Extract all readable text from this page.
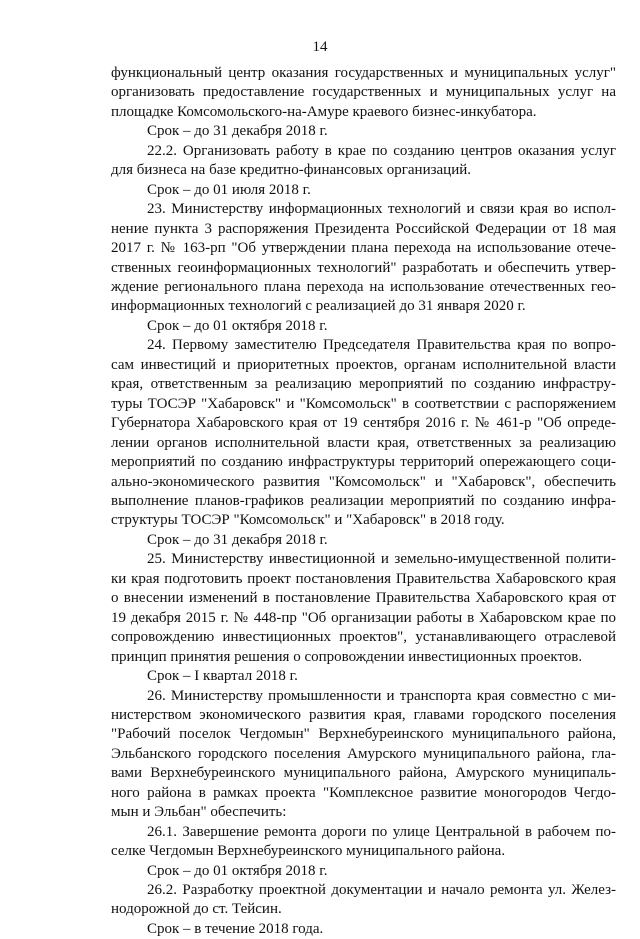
14
функциональный центр оказания государственных и муниципальных услуг"
организовать предоставление государственных и муниципальных услуг на
площадке Комсомольского-на-Амуре краевого бизнес-инкубатора.
Срок – до 31 декабря 2018 г.
22.2. Организовать работу в крае по созданию центров оказания услуг
для бизнеса на базе кредитно-финансовых организаций.
Срок – до 01 июля 2018 г.
23. Министерству информационных технологий и связи края во испол-
нение пункта 3 распоряжения Президента Российской Федерации от 18 мая
2017 г. № 163-рп "Об утверждении плана перехода на использование отече-
ственных геоинформационных технологий" разработать и обеспечить утвер-
ждение регионального плана перехода на использование отечественных гео-
информационных технологий с реализацией до 31 января 2020 г.
Срок – до 01 октября 2018 г.
24. Первому заместителю Председателя Правительства края по вопро-
сам инвестиций и приоритетных проектов, органам исполнительной власти
края, ответственным за реализацию мероприятий по созданию инфрастру-
туры ТОСЭР "Хабаровск" и "Комсомольск" в соответствии с распоряжением
Губернатора Хабаровского края от 19 сентября 2016 г. № 461-р "Об опреде-
лении органов исполнительной власти края, ответственных за реализацию
мероприятий по созданию инфраструктуры территорий опережающего соци-
ально-экономического развития "Комсомольск" и "Хабаровск", обеспечить
выполнение планов-графиков реализации мероприятий по созданию инфра-
структуры ТОСЭР "Комсомольск" и "Хабаровск" в 2018 году.
Срок – до 31 декабря 2018 г.
25. Министерству инвестиционной и земельно-имущественной полити-
ки края подготовить проект постановления Правительства Хабаровского края
о внесении изменений в постановление Правительства Хабаровского края от
19 декабря 2015 г. № 448-пр "Об организации работы в Хабаровском крае по
сопровождению инвестиционных проектов", устанавливающего отраслевой
принцип принятия решения о сопровождении инвестиционных проектов.
Срок – I квартал 2018 г.
26. Министерству промышленности и транспорта края совместно с ми-
нистерством экономического развития края, главами городского поселения
"Рабочий поселок Чегдомын" Верхнебуреинского муниципального района,
Эльбанского городского поселения Амурского муниципального района, гла-
вами Верхнебуреинского муниципального района, Амурского муниципаль-
ного района в рамках проекта "Комплексное развитие моногородов Чегдо-
мын и Эльбан" обеспечить:
26.1. Завершение ремонта дороги по улице Центральной в рабочем по-
селке Чегдомын Верхнебуреинского муниципального района.
Срок – до 01 октября 2018 г.
26.2. Разработку проектной документации и начало ремонта ул. Желез-
нодорожной до ст. Тейсин.
Срок – в течение 2018 года.
